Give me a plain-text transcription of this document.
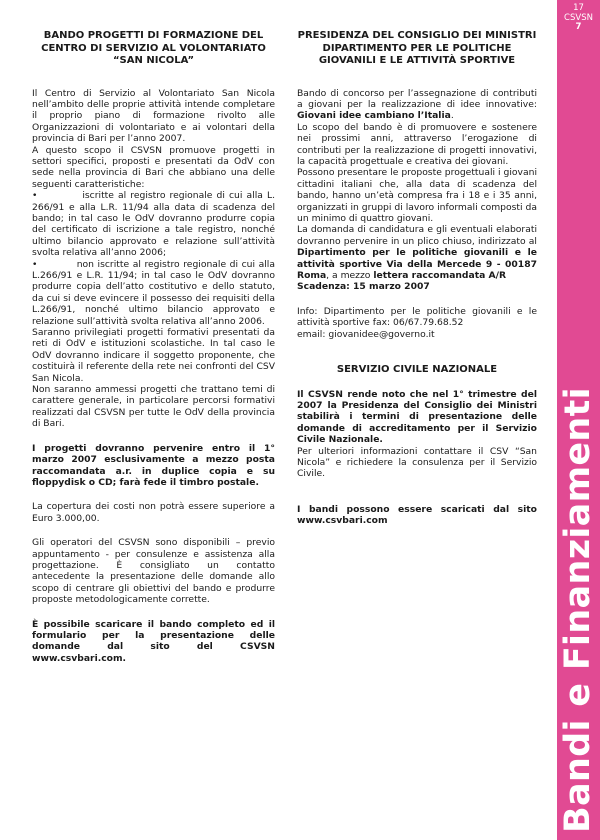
BANDO PROGETTI DI FORMAZIONE DEL
CENTRO DI SERVIZIO AL VOLONTARIATO
“SAN NICOLA”

Il Centro di Servizio al Volontariato San Nicola nell’ambito delle proprie attività intende completare il proprio piano di formazione rivolto alle Organizzazioni di volontariato e ai volontari della provincia di Bari per l’anno 2007.

A questo scopo il CSVSN promuove progetti in settori specifici, proposti e presentati da OdV con sede nella provincia di Bari che abbiano una delle seguenti caratteristiche:

•	iscritte al registro regionale di cui alla L. 266/91 e alla L.R. 11/94 alla data di scadenza del bando; in tal caso le OdV dovranno produrre copia del certificato di iscrizione a tale registro, nonché ultimo bilancio approvato e relazione sull’attività svolta relativa all’anno 2006;

•	non iscritte al registro regionale di cui alla L.266/91 e L.R. 11/94; in tal caso le OdV dovranno produrre copia dell’atto costitutivo e dello statuto, da cui si deve evincere il possesso dei requisiti della L.266/91, nonché ultimo bilancio approvato e relazione sull’attività svolta relativa all’anno 2006.

Saranno privilegiati progetti formativi presentati da reti di OdV e istituzioni scolastiche. In tal caso le OdV dovranno indicare il soggetto proponente, che costituirà il referente della rete nei confronti del CSV San Nicola.

Non saranno ammessi progetti che trattano temi di carattere generale, in particolare percorsi formativi realizzati dal CSVSN per tutte le OdV della provincia di Bari.

I progetti dovranno pervenire entro il 1° marzo 2007 esclusivamente a mezzo posta raccomandata a.r. in duplice copia e su floppydisk o CD; farà fede il timbro postale.

La copertura dei costi non potrà essere superiore a Euro 3.000,00.

Gli operatori del CSVSN sono disponibili – previo appuntamento - per consulenze e assistenza alla progettazione. È consigliato un contatto antecedente la presentazione delle domande allo scopo di centrare gli obiettivi del bando e produrre proposte metodologicamente corrette.

È possibile scaricare il bando completo ed il formulario per la presentazione delle domande dal sito del CSVSN www.csvbari.com.

PRESIDENZA DEL CONSIGLIO DEI MINISTRI
DIPARTIMENTO PER LE POLITICHE
GIOVANILI E LE ATTIVITÀ SPORTIVE

Bando di concorso per l’assegnazione di contributi a giovani per la realizzazione di idee innovative: Giovani idee cambiano l’Italia.

Lo scopo del bando è di promuovere e sostenere nei prossimi anni, attraverso l’erogazione di contributi per la realizzazione di progetti innovativi, la capacità progettuale e creativa dei giovani.

Possono presentare le proposte progettuali i giovani cittadini italiani che, alla data di scadenza del bando, hanno un’età compresa fra i 18 e i 35 anni, organizzati in gruppi di lavoro informali composti da un minimo di quattro giovani.

La domanda di candidatura e gli eventuali elaborati dovranno pervenire in un plico chiuso, indirizzato al Dipartimento per le politiche giovanili e le attività sportive Via della Mercede 9 - 00187 Roma, a mezzo lettera raccomandata A/R

Scadenza: 15 marzo 2007

Info: Dipartimento per le politiche giovanili e le attività sportive fax: 06/67.79.68.52

email: giovanidee@governo.it

SERVIZIO CIVILE NAZIONALE

Il CSVSN rende noto che nel 1° trimestre del 2007 la Presidenza del Consiglio dei Ministri stabilirà i termini di presentazione delle domande di accreditamento per il Servizio Civile Nazionale.

Per ulteriori informazioni contattare il CSV “San Nicola” e richiedere la consulenza per il Servizio Civile.

I bandi possono essere scaricati dal sito www.csvbari.com

17
CSVSN
7
Bandi e Finanziamenti
